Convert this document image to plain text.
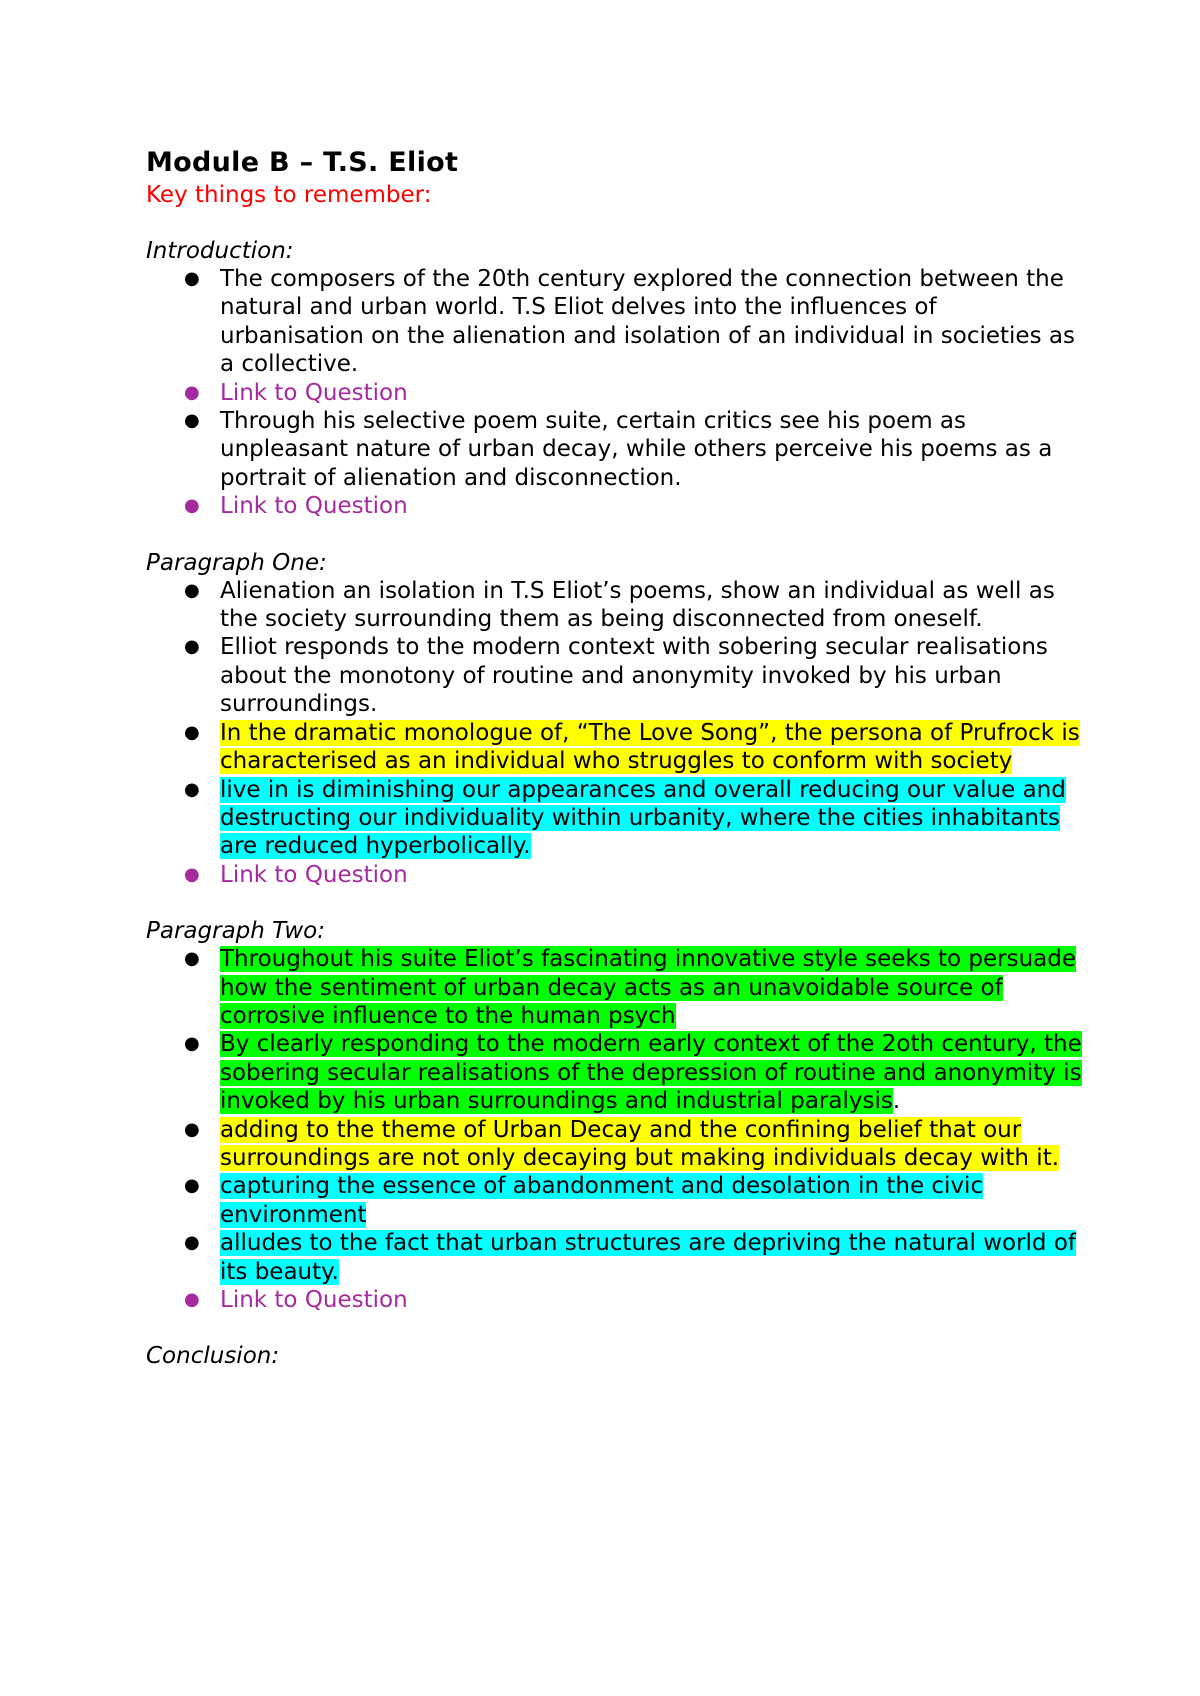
Module B – T.S. Eliot

Key things to remember:

Introduction:

● The composers of the 20th century explored the connection between the natural and urban world. T.S Eliot delves into the influences of urbanisation on the alienation and isolation of an individual in societies as a collective.
● Link to Question
● Through his selective poem suite, certain critics see his poem as unpleasant nature of urban decay, while others perceive his poems as a portrait of alienation and disconnection.
● Link to Question

Paragraph One:

● Alienation an isolation in T.S Eliot’s poems, show an individual as well as the society surrounding them as being disconnected from oneself.
● Elliot responds to the modern context with sobering secular realisations about the monotony of routine and anonymity invoked by his urban surroundings.
● In the dramatic monologue of, “The Love Song”, the persona of Prufrock is characterised as an individual who struggles to conform with society
● live in is diminishing our appearances and overall reducing our value and destructing our individuality within urbanity, where the cities inhabitants are reduced hyperbolically.
● Link to Question

Paragraph Two:

● Throughout his suite Eliot’s fascinating innovative style seeks to persuade how the sentiment of urban decay acts as an unavoidable source of corrosive influence to the human psych
● By clearly responding to the modern early context of the 2oth century, the sobering secular realisations of the depression of routine and anonymity is invoked by his urban surroundings and industrial paralysis.
● adding to the theme of Urban Decay and the confining belief that our surroundings are not only decaying but making individuals decay with it.
● capturing the essence of abandonment and desolation in the civic environment
● alludes to the fact that urban structures are depriving the natural world of its beauty.
● Link to Question

Conclusion:
